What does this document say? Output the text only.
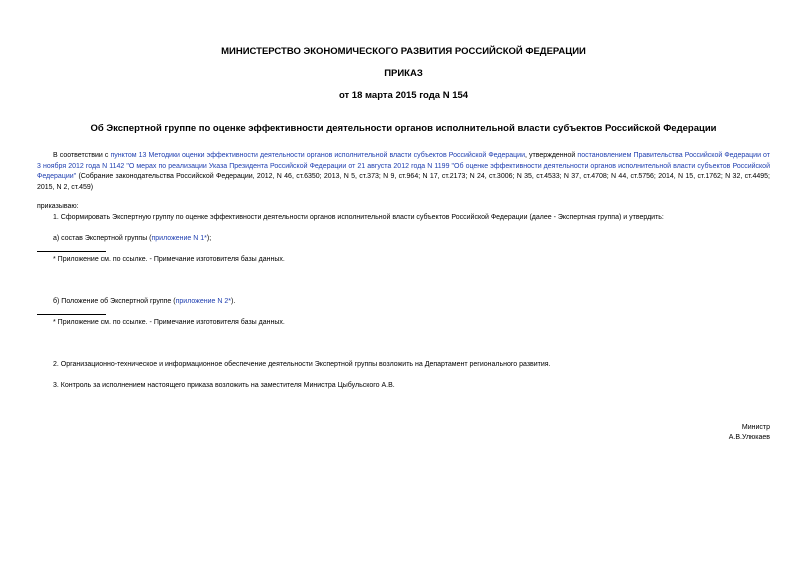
МИНИСТЕРСТВО ЭКОНОМИЧЕСКОГО РАЗВИТИЯ РОССИЙСКОЙ ФЕДЕРАЦИИ
ПРИКАЗ
от 18 марта 2015 года N 154
Об Экспертной группе по оценке эффективности деятельности органов исполнительной власти субъектов Российской Федерации
В соответствии с пунктом 13 Методики оценки эффективности деятельности органов исполнительной власти субъектов Российской Федерации, утвержденной постановлением Правительства Российской Федерации от 3 ноября 2012 года N 1142 "О мерах по реализации Указа Президента Российской Федерации от 21 августа 2012 года N 1199 "Об оценке эффективности деятельности органов исполнительной власти субъектов Российской Федерации" (Собрание законодательства Российской Федерации, 2012, N 46, ст.6350; 2013, N 5, ст.373; N 9, ст.964; N 17, ст.2173; N 24, ст.3006; N 35, ст.4533; N 37, ст.4708; N 44, ст.5756; 2014, N 15, ст.1762; N 32, ст.4495; 2015, N 2, ст.459)
приказываю:
1. Сформировать Экспертную группу по оценке эффективности деятельности органов исполнительной власти субъектов Российской Федерации (далее - Экспертная группа) и утвердить:
а) состав Экспертной группы (приложение N 1*);
* Приложение см. по ссылке. - Примечание изготовителя базы данных.
б) Положение об Экспертной группе (приложение N 2*).
* Приложение см. по ссылке. - Примечание изготовителя базы данных.
2. Организационно-техническое и информационное обеспечение деятельности Экспертной группы возложить на Департамент регионального развития.
3. Контроль за исполнением настоящего приказа возложить на заместителя Министра Цыбульского А.В.
Министр
А.В.Улюкаев
